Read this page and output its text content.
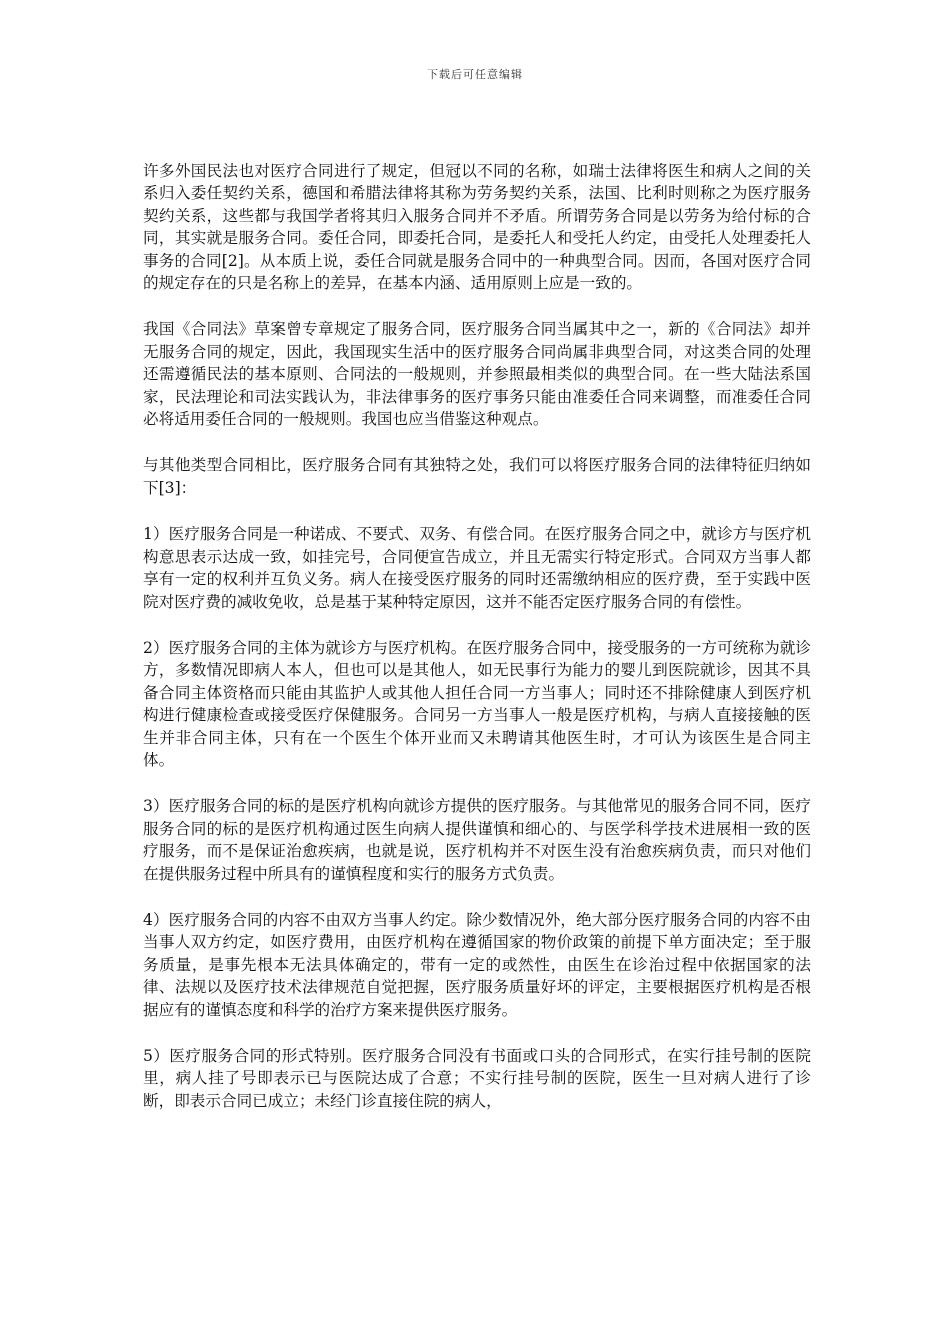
下载后可任意编辑

许多外国民法也对医疗合同进行了规定，但冠以不同的名称，如瑞士法律将医生和病人之间的关系归入委任契约关系，德国和希腊法律将其称为劳务契约关系，法国、比利时则称之为医疗服务契约关系，这些都与我国学者将其归入服务合同并不矛盾。所谓劳务合同是以劳务为给付标的合同，其实就是服务合同。委任合同，即委托合同，是委托人和受托人约定，由受托人处理委托人事务的合同[2]。从本质上说，委任合同就是服务合同中的一种典型合同。因而，各国对医疗合同的规定存在的只是名称上的差异，在基本内涵、适用原则上应是一致的。

我国《合同法》草案曾专章规定了服务合同，医疗服务合同当属其中之一，新的《合同法》却并无服务合同的规定，因此，我国现实生活中的医疗服务合同尚属非典型合同，对这类合同的处理还需遵循民法的基本原则、合同法的一般规则，并参照最相类似的典型合同。在一些大陆法系国家，民法理论和司法实践认为，非法律事务的医疗事务只能由准委任合同来调整，而准委任合同必将适用委任合同的一般规则。我国也应当借鉴这种观点。

与其他类型合同相比，医疗服务合同有其独特之处，我们可以将医疗服务合同的法律特征归纳如下[3]：

1）医疗服务合同是一种诺成、不要式、双务、有偿合同。在医疗服务合同之中，就诊方与医疗机构意思表示达成一致，如挂完号，合同便宣告成立，并且无需实行特定形式。合同双方当事人都享有一定的权利并互负义务。病人在接受医疗服务的同时还需缴纳相应的医疗费，至于实践中医院对医疗费的减收免收，总是基于某种特定原因，这并不能否定医疗服务合同的有偿性。

2）医疗服务合同的主体为就诊方与医疗机构。在医疗服务合同中，接受服务的一方可统称为就诊方，多数情况即病人本人，但也可以是其他人，如无民事行为能力的婴儿到医院就诊，因其不具备合同主体资格而只能由其监护人或其他人担任合同一方当事人；同时还不排除健康人到医疗机构进行健康检查或接受医疗保健服务。合同另一方当事人一般是医疗机构，与病人直接接触的医生并非合同主体，只有在一个医生个体开业而又未聘请其他医生时，才可认为该医生是合同主体。

3）医疗服务合同的标的是医疗机构向就诊方提供的医疗服务。与其他常见的服务合同不同，医疗服务合同的标的是医疗机构通过医生向病人提供谨慎和细心的、与医学科学技术进展相一致的医疗服务，而不是保证治愈疾病，也就是说，医疗机构并不对医生没有治愈疾病负责，而只对他们在提供服务过程中所具有的谨慎程度和实行的服务方式负责。

4）医疗服务合同的内容不由双方当事人约定。除少数情况外，绝大部分医疗服务合同的内容不由当事人双方约定，如医疗费用，由医疗机构在遵循国家的物价政策的前提下单方面决定；至于服务质量，是事先根本无法具体确定的，带有一定的或然性，由医生在诊治过程中依据国家的法律、法规以及医疗技术法律规范自觉把握，医疗服务质量好坏的评定，主要根据医疗机构是否根据应有的谨慎态度和科学的治疗方案来提供医疗服务。

5）医疗服务合同的形式特别。医疗服务合同没有书面或口头的合同形式，在实行挂号制的医院里，病人挂了号即表示已与医院达成了合意；不实行挂号制的医院，医生一旦对病人进行了诊断，即表示合同已成立；未经门诊直接住院的病人，
